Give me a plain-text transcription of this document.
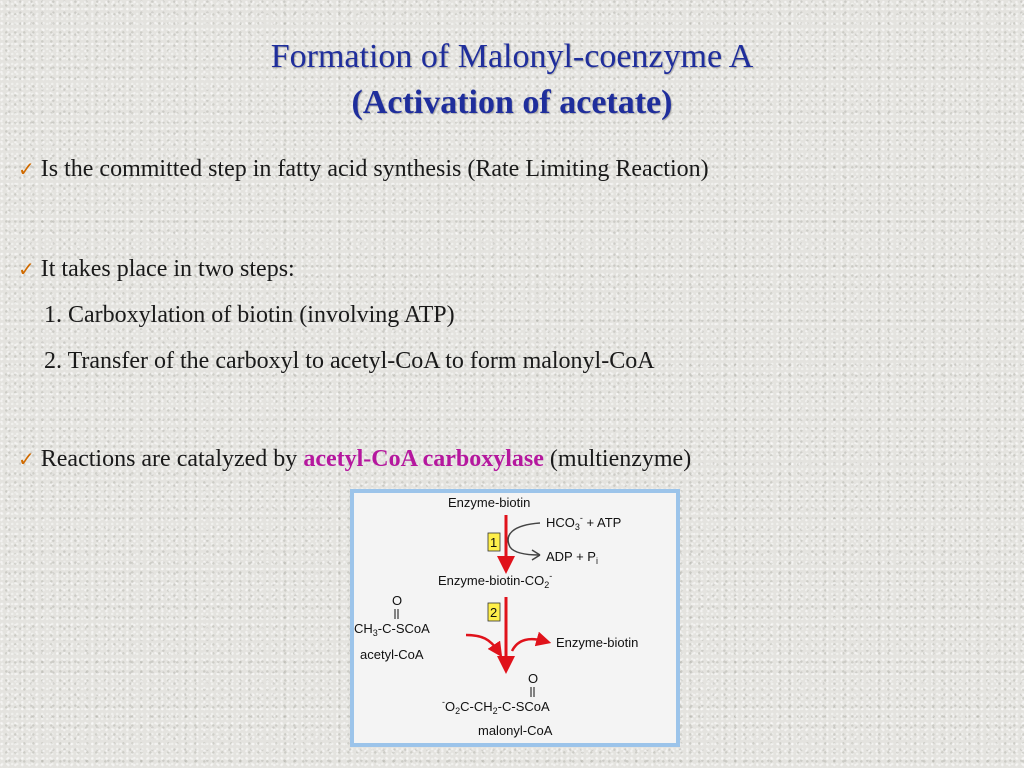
Formation of Malonyl-coenzyme A
(Activation of acetate)
✓ Is the committed step in fatty acid synthesis (Rate Limiting Reaction)
✓ It takes place in two steps:
1. Carboxylation of biotin (involving ATP)
2. Transfer of the carboxyl to acetyl-CoA to form malonyl-CoA
✓ Reactions are catalyzed by acetyl-CoA carboxylase (multienzyme)
Enzyme-biotin
$HCO_3^-$ + ATP
1
ADP + $P_i$
Enzyme-$biotin-CO_2^-$
2
O
$CH_3-C$-SCoA
acetyl-CoA
Enzyme-biotin
O
$^-O_2C-CH_2-C$-SCoA
malonyl-CoA
